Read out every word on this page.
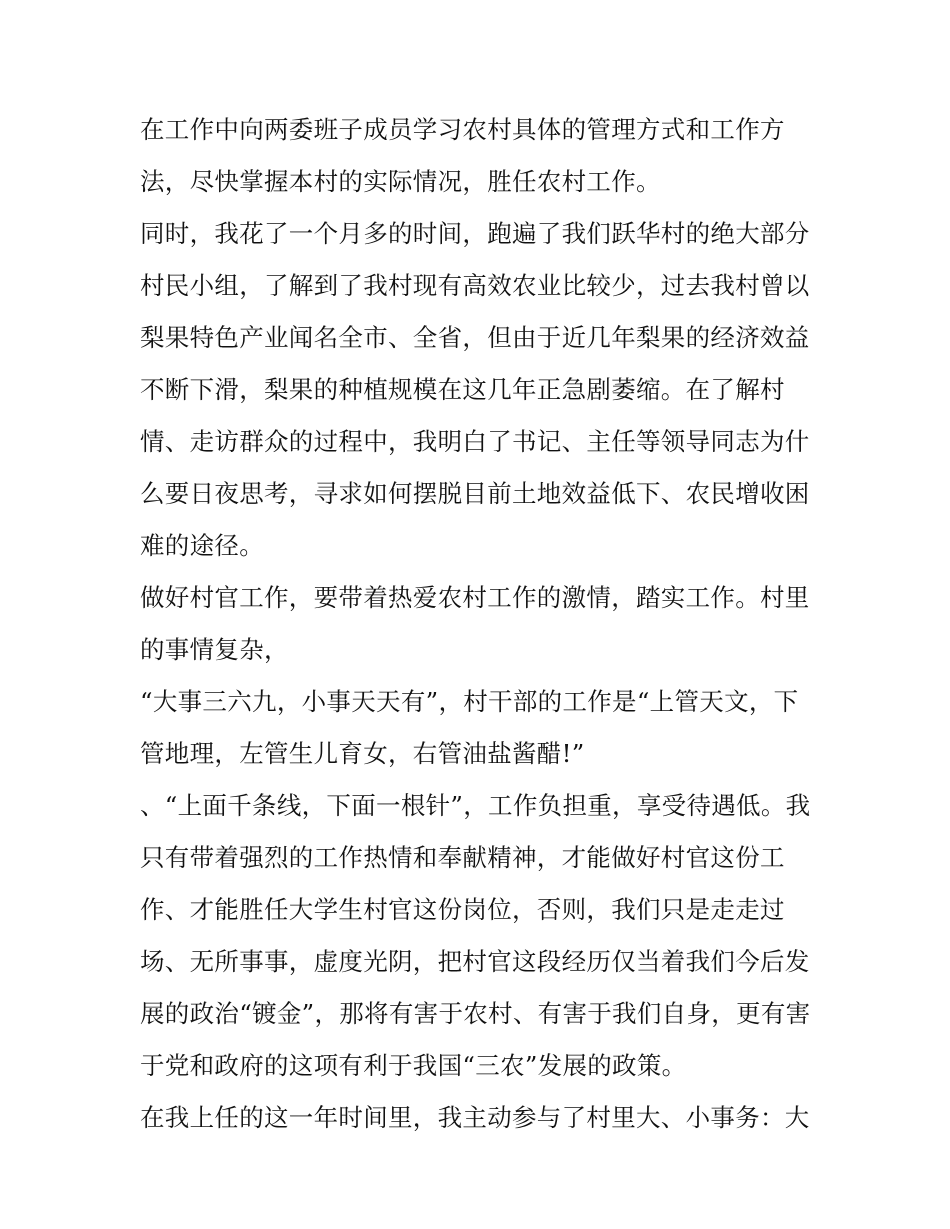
在工作中向两委班子成员学习农村具体的管理方式和工作方
法，尽快掌握本村的实际情况，胜任农村工作。
同时，我花了一个月多的时间，跑遍了我们跃华村的绝大部分
村民小组，了解到了我村现有高效农业比较少，过去我村曾以
梨果特色产业闻名全市、全省，但由于近几年梨果的经济效益
不断下滑，梨果的种植规模在这几年正急剧萎缩。在了解村
情、走访群众的过程中，我明白了书记、主任等领导同志为什
么要日夜思考，寻求如何摆脱目前土地效益低下、农民增收困
难的途径。
做好村官工作，要带着热爱农村工作的激情，踏实工作。村里
的事情复杂，
“大事三六九，小事天天有”，村干部的工作是“上管天文，下
管地理，左管生儿育女，右管油盐酱醋!”
、“上面千条线，下面一根针”，工作负担重，享受待遇低。我
只有带着强烈的工作热情和奉献精神，才能做好村官这份工
作、才能胜任大学生村官这份岗位，否则，我们只是走走过
场、无所事事，虚度光阴，把村官这段经历仅当着我们今后发
展的政治“镀金”，那将有害于农村、有害于我们自身，更有害
于党和政府的这项有利于我国“三农”发展的政策。
在我上任的这一年时间里，我主动参与了村里大、小事务：大
